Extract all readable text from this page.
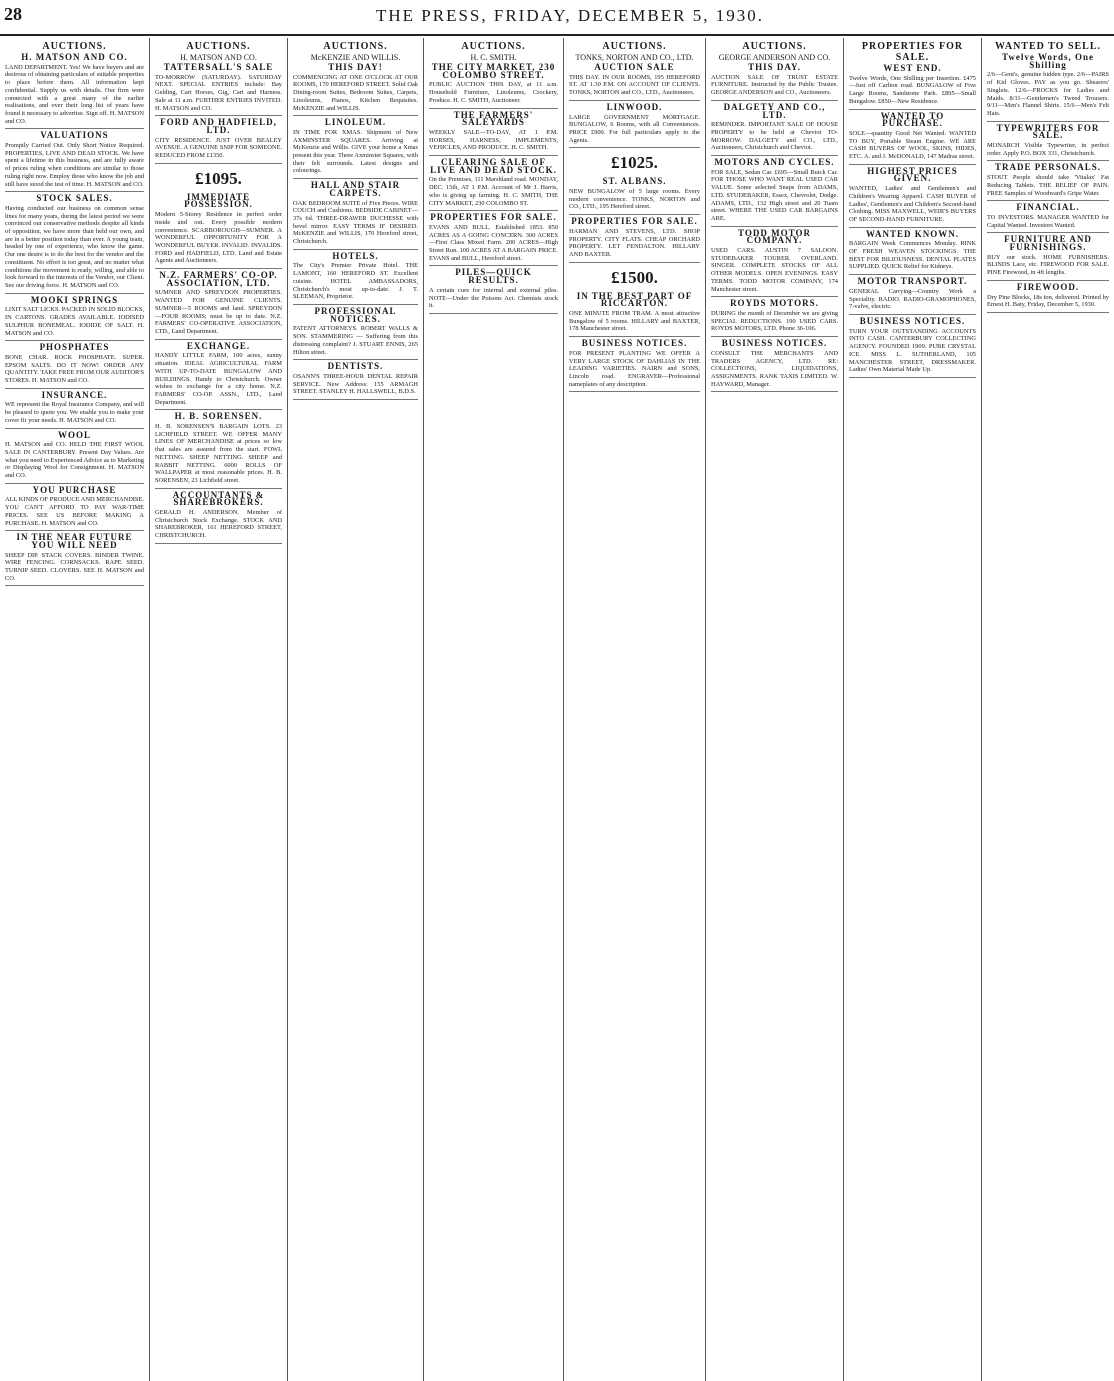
28	THE PRESS, FRIDAY, DECEMBER 5, 1930.
AUCTIONS.
H. MATSON AND CO.
LAND DEPARTMENT. Yes! We have buyers and are desirous of obtaining particulars of suitable properties to place before them. All information kept confidential. Supply us with details. Our firm were connected with a great many of the earlier realisations, and over their long list of years have found it necessary to advertise. Sign off. H. MATSON and CO.
VALUATIONS
Promptly Carried Out. Only Short Notice Required. PROPERTIES, LIVE AND DEAD STOCK. We have spent a lifetime in this business, and are fully aware of prices ruling when conditions are similar to those ruling right now. Employ those who know the job and still have stood the test of time. H. MATSON and CO.
STOCK SALES.
Having conducted our business on common sense lines for many years, during the latest period we were convinced our conservative methods despite all kinds of opposition, we have more than held our own, and are in a better position today than ever. A young team, headed by one of experience, who know the game. Our one desire is to do the best for the vendor and the constituent. No effort is too great, and no matter what conditions the movement is ready, willing, and able to look forward to the interests of the Vendor, our Client. See our driving force. H. MATSON and CO.
MOOKI SPRINGS
LIXIT SALT LICKS. PACKED IN SOLID BLOCKS, IN CARTONS. GRADES AVAILABLE. IODISED SULPHUR BONEMEAL. IODIDE OF SALT. H. MATSON and CO.
PHOSPHATES
BONE CHAR. ROCK PHOSPHATE. SUPER. EPSOM SALTS. DO IT NOW! ORDER ANY QUANTITY. TAKE FREE FROM OUR AUDITOR'S STORES. H. MATSON and CO.
INSURANCE.
WE represent the Royal Insurance Company, and will be pleased to quote you. We enable you to make your cover fit your needs. H. MATSON and CO.
WOOL
H. MATSON and CO. HELD THE FIRST WOOL SALE IN CANTERBURY. Present Day Values. Are what you need to Experienced Advice as to Marketing or Displaying Wool for Consignment. H. MATSON and CO.
YOU PURCHASE
ALL KINDS OF PRODUCE AND MERCHANDISE. YOU CAN'T AFFORD TO PAY WAR-TIME PRICES. SEE US BEFORE MAKING A PURCHASE. H. MATSON and CO.
IN THE NEAR FUTURE YOU WILL NEED
SHEEP DIP. STACK COVERS. BINDER TWINE. WIRE FENCING. CORNSACKS. RAPE SEED. TURNIP SEED. CLOVERS. SEE H. MATSON and CO.
AUCTIONS.
H. MATSON AND CO.
TATTERSALL'S SALE
TO-MORROW (SATURDAY). SATURDAY NEXT. SPECIAL ENTRIES include: Bay Gelding, Cart Horses, Gig, Cart and Harness. Sale at 11 a.m. FURTHER ENTRIES INVITED. H. MATSON and CO.
FORD AND HADFIELD, LTD.
CITY RESIDENCE. JUST OVER BEALEY AVENUE. A GENUINE SNIP FOR SOMEONE. REDUCED FROM £1350.
£1095.
IMMEDIATE POSSESSION.
Modern 5-Storey Residence in perfect order inside and out. Every possible modern convenience. SCARBOROUGH—SUMNER. A WONDERFUL OPPORTUNITY FOR A WONDERFUL BUYER. INVALID. INVALIDS. FORD and HADFIELD, LTD. Land and Estate Agents and Auctioneers.
N.Z. FARMERS' CO-OP. ASSOCIATION, LTD.
SUMNER AND SPREYDON PROPERTIES. WANTED FOR GENUINE CLIENTS. SUMNER—5 ROOMS and land. SPREYDON—FOUR ROOMS; must be up to date. N.Z. FARMERS' CO-OPERATIVE ASSOCIATION, LTD., Land Department.
EXCHANGE.
HANDY LITTLE FARM, 100 acres, sunny situation. IDEAL AGRICULTURAL FARM WITH UP-TO-DATE BUNGALOW AND BUILDINGS. Handy to Christchurch. Owner wishes to exchange for a city home. N.Z. FARMERS' CO-OP. ASSN., LTD., Land Department.
H. B. SORENSEN.
H. B. SORENSEN'S BARGAIN LOTS. 23 LICHFIELD STREET. WE OFFER MANY LINES OF MERCHANDISE at prices so low that sales are assured from the start. FOWL NETTING. SHEEP NETTING. SHEEP and RABBIT NETTING. 6000 ROLLS OF WALLPAPER at most reasonable prices. H. B. SORENSEN, 23 Lichfield street.
ACCOUNTANTS & SHAREBROKERS.
GERALD H. ANDERSON. Member of Christchurch Stock Exchange. STOCK AND SHAREBROKER, 161 HEREFORD STREET, CHRISTCHURCH.
AUCTIONS.
McKENZIE AND WILLIS.
THIS DAY!
COMMENCING AT ONE O'CLOCK AT OUR ROOMS, 170 HEREFORD STREET. Solid Oak Dining-room Suites, Bedroom Suites, Carpets, Linoleums, Pianos, Kitchen Requisites. McKENZIE and WILLIS.
LINOLEUM.
IN TIME FOR XMAS. Shipment of New AXMINSTER SQUARES. Arriving at McKenzie and Willis. GIVE your home a Xmas present this year. Three Axminster Squares, with their felt surrounds. Latest designs and colourings.
HALL AND STAIR CARPETS.
OAK BEDROOM SUITE of Five Pieces. WIRE COUCH and Cushions. BEDSIDE CABINET—37s 6d. THREE-DRAWER DUCHESSE with bevel mirror. EASY TERMS IF DESIRED. McKENZIE and WILLIS, 170 Hereford street, Christchurch.
HOTELS.
The City's Premier Private Hotel. THE LAMONT, 160 HEREFORD ST. Excellent cuisine. HOTEL AMBASSADORS, Christchurch's most up-to-date. J. T. SLEEMAN, Proprietor.
PROFESSIONAL NOTICES.
PATENT ATTORNEYS. ROBERT WALLS & SON. STAMMERING — Suffering from this distressing complaint? J. STUART ENNIS, 265 Hilton street.
DENTISTS.
OSANN'S THREE-HOUR DENTAL REPAIR SERVICE. New Address: 155 ARMAGH STREET. STANLEY H. HALLSWELL, B.D.S.
AUCTIONS.
H. C. SMITH.
THE CITY MARKET, 230 COLOMBO STREET.
PUBLIC AUCTION THIS DAY, at 11 a.m. Household Furniture, Linoleums, Crockery, Produce. H. C. SMITH, Auctioneer.
THE FARMERS' SALEYARDS
WEEKLY SALE—TO-DAY, AT 1 P.M. HORSES, HARNESS, IMPLEMENTS, VEHICLES, AND PRODUCE. H. C. SMITH.
CLEARING SALE OF LIVE AND DEAD STOCK.
On the Premises, 111 Marshland road. MONDAY, DEC. 15th, AT 1 P.M. Account of Mr J. Harris, who is giving up farming. H. C. SMITH, THE CITY MARKET, 230 COLOMBO ST.
PROPERTIES FOR SALE.
EVANS AND BULL. Established 1853. 850 ACRES AS A GOING CONCERN. 300 ACRES—First Class Mixed Farm. 200 ACRES—High Street Run. 100 ACRES AT A BARGAIN PRICE. EVANS and BULL, Hereford street.
PILES—QUICK RESULTS.
A certain cure for internal and external piles. NOTE—Under the Poisons Act. Chemists stock it.
AUCTIONS.
TONKS, NORTON AND CO., LTD.
AUCTION SALE
THIS DAY. IN OUR ROOMS, 195 HEREFORD ST. AT 1.30 P.M. ON ACCOUNT OF CLIENTS. TONKS, NORTON and CO., LTD., Auctioneers.
LINWOOD.
LARGE GOVERNMENT MORTGAGE. BUNGALOW, 6 Rooms, with all Conveniences. PRICE £900. For full particulars apply to the Agents.
£1025.
ST. ALBANS.
NEW BUNGALOW of 5 large rooms. Every modern convenience. TONKS, NORTON and CO., LTD., 195 Hereford street.
PROPERTIES FOR SALE.
HARMAN AND STEVENS, LTD. SHOP PROPERTY. CITY FLATS. CHEAP ORCHARD PROPERTY. LET FENDALTON. HILLARY AND BAXTER.
£1500.
IN THE BEST PART OF RICCARTON.
ONE MINUTE FROM TRAM. A most attractive Bungalow of 5 rooms. HILLARY and BAXTER, 178 Manchester street.
BUSINESS NOTICES.
FOR PRESENT PLANTING WE OFFER A VERY LARGE STOCK OF DAHLIAS IN THE LEADING VARIETIES. NAIRN and SONS, Lincoln road. ENGRAVER—Professional nameplates of any description.
AUCTIONS.
GEORGE ANDERSON AND CO.
THIS DAY.
AUCTION SALE OF TRUST ESTATE FURNITURE. Instructed by the Public Trustee. GEORGE ANDERSON and CO., Auctioneers.
DALGETY AND CO., LTD.
REMINDER. IMPORTANT SALE OF HOUSE PROPERTY to be held at Cheviot TO-MORROW. DALGETY and CO., LTD., Auctioneers, Christchurch and Cheviot.
MOTORS AND CYCLES.
FOR SALE, Sedan Car. £695—Small Buick Car. FOR THOSE WHO WANT REAL USED CAR VALUE. Some selected Snaps from ADAMS, LTD. STUDEBAKER, Essex, Chevrolet, Dodge. ADAMS, LTD., 132 High street and 20 Tuam street. WHERE THE USED CAR BARGAINS ARE.
TODD MOTOR COMPANY.
USED CARS. AUSTIN 7 SALOON. STUDEBAKER TOURER. OVERLAND. SINGER. COMPLETE STOCKS OF ALL OTHER MODELS. OPEN EVENINGS. EASY TERMS. TODD MOTOR COMPANY, 174 Manchester street.
ROYDS MOTORS.
DURING the month of December we are giving SPECIAL REDUCTIONS. 190 USED CARS. ROYDS MOTORS, LTD. Phone 36-106.
BUSINESS NOTICES.
CONSULT THE MERCHANTS AND TRADERS AGENCY, LTD. RE: COLLECTIONS, LIQUIDATIONS, ASSIGNMENTS. RANK TAXIS LIMITED. W. HAYWARD, Manager.
PROPERTIES FOR SALE.
WEST END.
Twelve Words, One Shilling per Insertion. £475—Just off Carlton road. BUNGALOW of Five Large Rooms, Sandstone Park. £895—Small Bungalow. £850—New Residence.
WANTED TO PURCHASE.
SOLE—quantity Good Net Wanted. WANTED TO BUY, Portable Steam Engine. WE ARE CASH BUYERS OF WOOL, SKINS, HIDES, ETC. A. and J. McDONALD, 147 Madras street.
HIGHEST PRICES GIVEN.
WANTED, Ladies' and Gentlemen's and Children's Wearing Apparel. CASH BUYER of Ladies', Gentlemen's and Children's Second-hand Clothing. MISS MAXWELL, WEIR'S BUYERS OF SECOND-HAND FURNITURE.
WANTED KNOWN.
BARGAIN Week Commences Monday. RINK OF FRESH WEAVEN STOCKINGS. THE BEST FOR BILIOUSNESS. DENTAL PLATES SUPPLIED. QUICK Relief for Kidneys.
MOTOR TRANSPORT.
GENERAL Carrying—Country Work a Speciality. RADIO. RADIO-GRAMOPHONES, 7-valve, electric.
BUSINESS NOTICES.
TURN YOUR OUTSTANDING ACCOUNTS INTO CASH. CANTERBURY COLLECTING AGENCY. FOUNDED 1909. PUBE CRYSTAL ICE. MISS L. SUTHERLAND, 105 MANCHESTER STREET, DRESSMAKER. Ladies' Own Material Made Up.
WANTED TO SELL.
Twelve Words, One Shilling
2/6—Gent's, genuine hidden type. 2/6—PAIRS of Kid Gloves. PAY as you go. Shearers' Singlets. 12/6—FROCKS for Ladies and Maids. 8/11—Gentlemen's Tweed Trousers. 9/11—Men's Flannel Shirts. 15/6—Men's Felt Hats.
TYPEWRITERS FOR SALE.
MONARCH Visible Typewriter, in perfect order. Apply P.O. BOX 331, Christchurch.
TRADE PERSONALS.
STOUT People should take 'Vitalax' Fat Reducing Tablets. THE RELIEF OF PAIN. FREE Samples of Woodward's Gripe Water.
FINANCIAL.
TO INVESTORS. MANAGER WANTED for Capital Wanted. Investors Wanted.
FURNITURE AND FURNISHINGS.
BUY our stock. HOME FURNISHERS. BLINDS Lace, etc. FIREWOOD FOR SALE. PINE Firewood, in 4ft lengths.
FIREWOOD.
Dry Pine Blocks, 18s ton, delivered. Printed by Ernest H. Baty, Friday, December 5, 1930.
